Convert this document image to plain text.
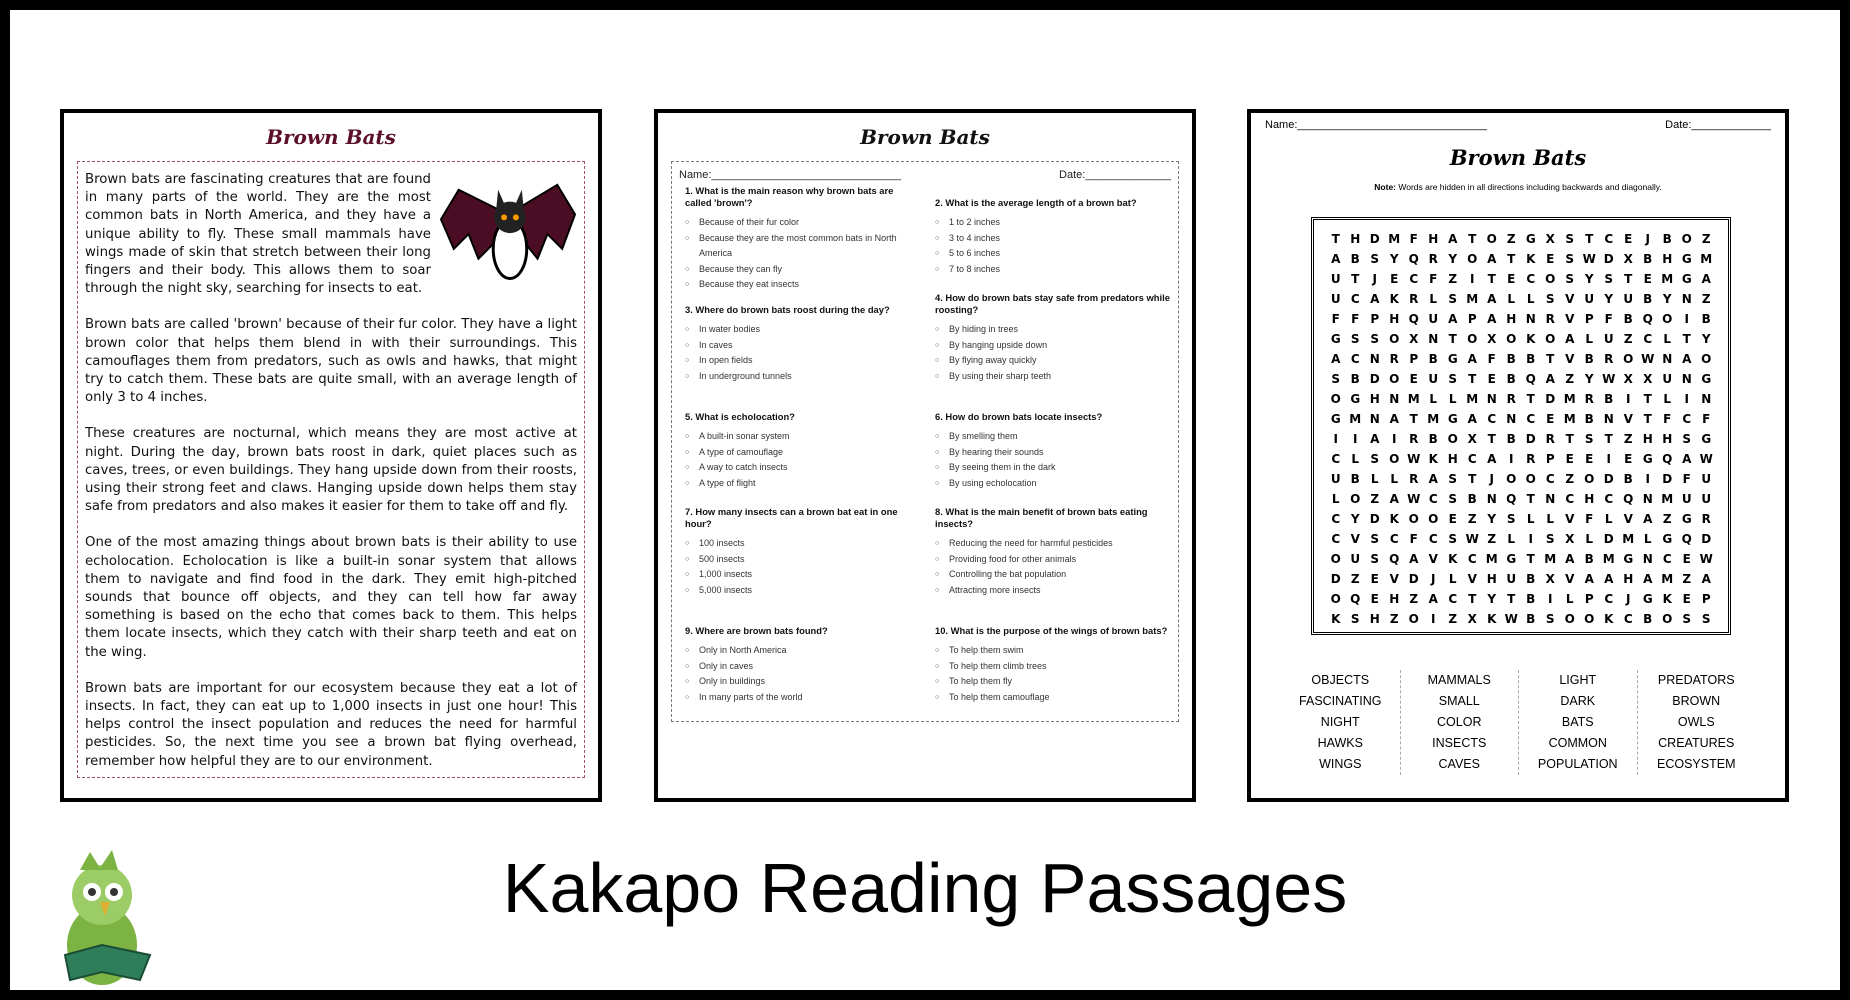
Brown Bats

Brown bats are fascinating creatures that are found in many parts of the world. They are the most common bats in North America, and they have a unique ability to fly. These small mammals have wings made of skin that stretch between their long fingers and their body. This allows them to soar through the night sky, searching for insects to eat.

Brown bats are called 'brown' because of their fur color. They have a light brown color that helps them blend in with their surroundings. This camouflages them from predators, such as owls and hawks, that might try to catch them. These bats are quite small, with an average length of only 3 to 4 inches.

These creatures are nocturnal, which means they are most active at night. During the day, brown bats roost in dark, quiet places such as caves, trees, or even buildings. They hang upside down from their roosts, using their strong feet and claws. Hanging upside down helps them stay safe from predators and also makes it easier for them to take off and fly.

One of the most amazing things about brown bats is their ability to use echolocation. Echolocation is like a built-in sonar system that allows them to navigate and find food in the dark. They emit high-pitched sounds that bounce off objects, and they can tell how far away something is based on the echo that comes back to them. This helps them locate insects, which they catch with their sharp teeth and eat on the wing.

Brown bats are important for our ecosystem because they eat a lot of insects. In fact, they can eat up to 1,000 insects in just one hour! This helps control the insect population and reduces the need for harmful pesticides. So, the next time you see a brown bat flying overhead, remember how helpful they are to our environment.

Brown Bats
Name:_______________________________	Date:______________
1. What is the main reason why brown bats are called 'brown'?
○ Because of their fur color
○ Because they are the most common bats in North America
○ Because they can fly
○ Because they eat insects
2. What is the average length of a brown bat?
○ 1 to 2 inches
○ 3 to 4 inches
○ 5 to 6 inches
○ 7 to 8 inches
3. Where do brown bats roost during the day?
○ In water bodies
○ In caves
○ In open fields
○ In underground tunnels
4. How do brown bats stay safe from predators while roosting?
○ By hiding in trees
○ By hanging upside down
○ By flying away quickly
○ By using their sharp teeth
5. What is echolocation?
○ A built-in sonar system
○ A type of camouflage
○ A way to catch insects
○ A type of flight
6. How do brown bats locate insects?
○ By smelling them
○ By hearing their sounds
○ By seeing them in the dark
○ By using echolocation
7. How many insects can a brown bat eat in one hour?
○ 100 insects
○ 500 insects
○ 1,000 insects
○ 5,000 insects
8. What is the main benefit of brown bats eating insects?
○ Reducing the need for harmful pesticides
○ Providing food for other animals
○ Controlling the bat population
○ Attracting more insects
9. Where are brown bats found?
○ Only in North America
○ Only in caves
○ Only in buildings
○ In many parts of the world
10. What is the purpose of the wings of brown bats?
○ To help them swim
○ To help them climb trees
○ To help them fly
○ To help them camouflage
Name:_______________________________	Date:_____________
Brown Bats
Note: Words are hidden in all directions including backwards and diagonally.
T H D M F H A T O Z G X S T C E	J	B O Z
A B S Y Q R Y O A T K E S W D X B H G M
U T	J	E C F Z	I	T E C O S Y S T E M G A
U C A K R L S M A L L S V U Y U B Y N Z
F F P H Q U A P A H N R V P F B Q O	I	B
G S S O X N T O X O K O A L U Z C L T Y
A C N R P B G A F B B T V B R O W N A O
S B D O E U S T E B Q A Z Y W X X U N G
O G H N M L L M N R T D M R B	I	T L	I	N
G M N A T M G A C N C E M B N V T F C F
I	I	A	I	R B O X T B D R T S T Z H H S G
C L S O W K H C A	I	R P E E	I	E G Q A W
U B L L R A S T	J	O O C Z O D B	I	D F U
L O Z A W C S B N Q T N C H C Q N M U U
C Y D K O O E Z Y S L L V F L V A Z G R
C V S C F C S W Z L	I	S X L D M L G Q D
O U S Q A V K C M G T M A B M G N C E W
D Z E V D	J	L V H U B X V A A H A M Z A
O Q E H Z A C T Y T B	I	L P C	J	G K E P
K S H Z O	I	Z X K W B S O O K C B O S S
OBJECTS
FASCINATING
NIGHT
HAWKS
WINGS
MAMMALS
SMALL
COLOR
INSECTS
CAVES
LIGHT
DARK
BATS
COMMON
POPULATION
PREDATORS
BROWN
OWLS
CREATURES
ECOSYSTEM
Kakapo Reading Passages
